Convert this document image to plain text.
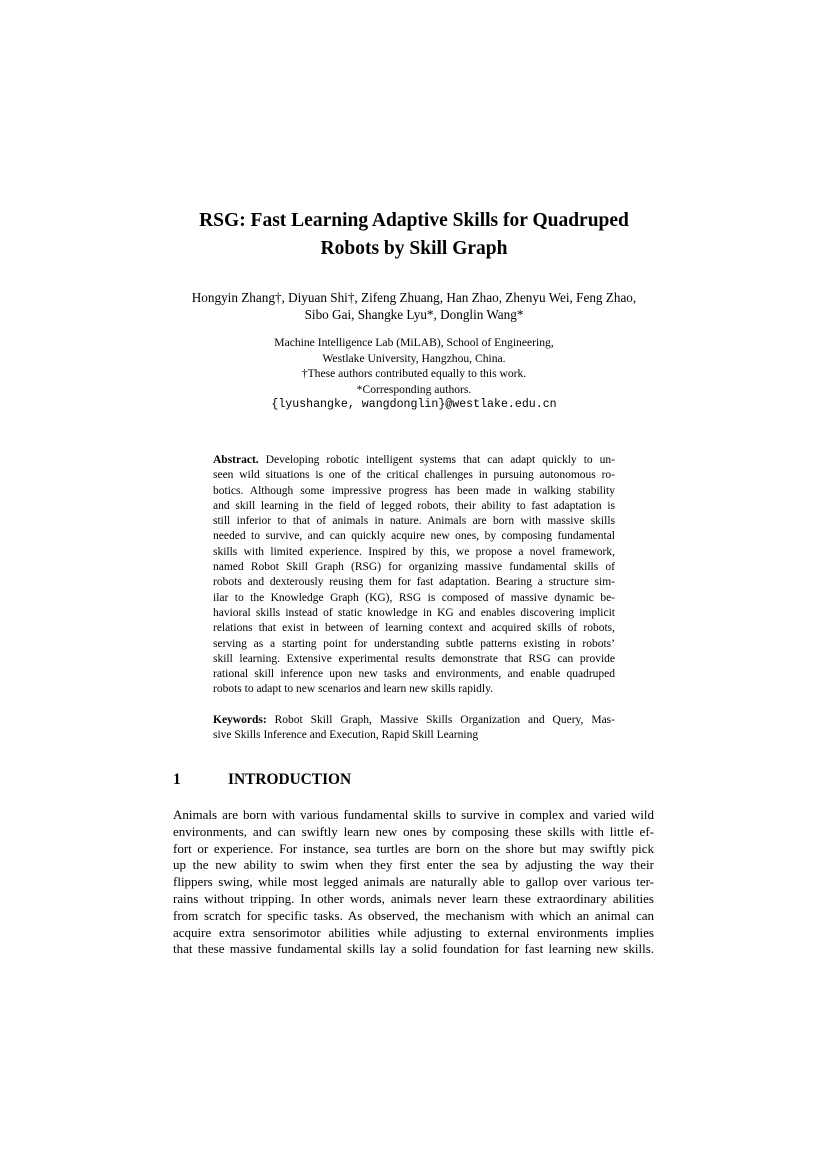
RSG: Fast Learning Adaptive Skills for Quadruped
Robots by Skill Graph
Hongyin Zhang†, Diyuan Shi†, Zifeng Zhuang, Han Zhao, Zhenyu Wei, Feng Zhao,
Sibo Gai, Shangke Lyu*, Donglin Wang*
Machine Intelligence Lab (MiLAB), School of Engineering,
Westlake University, Hangzhou, China.
†These authors contributed equally to this work.
*Corresponding authors.
{lyushangke, wangdonglin}@westlake.edu.cn
Abstract. Developing robotic intelligent systems that can adapt quickly to un-
seen wild situations is one of the critical challenges in pursuing autonomous ro-
botics. Although some impressive progress has been made in walking stability
and skill learning in the field of legged robots, their ability to fast adaptation is
still inferior to that of animals in nature. Animals are born with massive skills
needed to survive, and can quickly acquire new ones, by composing fundamental
skills with limited experience. Inspired by this, we propose a novel framework,
named Robot Skill Graph (RSG) for organizing massive fundamental skills of
robots and dexterously reusing them for fast adaptation. Bearing a structure sim-
ilar to the Knowledge Graph (KG), RSG is composed of massive dynamic be-
havioral skills instead of static knowledge in KG and enables discovering implicit
relations that exist in between of learning context and acquired skills of robots,
serving as a starting point for understanding subtle patterns existing in robots’
skill learning. Extensive experimental results demonstrate that RSG can provide
rational skill inference upon new tasks and environments, and enable quadruped
robots to adapt to new scenarios and learn new skills rapidly.
Keywords: Robot Skill Graph, Massive Skills Organization and Query, Mas-
sive Skills Inference and Execution, Rapid Skill Learning
1	INTRODUCTION
Animals are born with various fundamental skills to survive in complex and varied wild
environments, and can swiftly learn new ones by composing these skills with little ef-
fort or experience. For instance, sea turtles are born on the shore but may swiftly pick
up the new ability to swim when they first enter the sea by adjusting the way their
flippers swing, while most legged animals are naturally able to gallop over various ter-
rains without tripping. In other words, animals never learn these extraordinary abilities
from scratch for specific tasks. As observed, the mechanism with which an animal can
acquire extra sensorimotor abilities while adjusting to external environments implies
that these massive fundamental skills lay a solid foundation for fast learning new skills.
